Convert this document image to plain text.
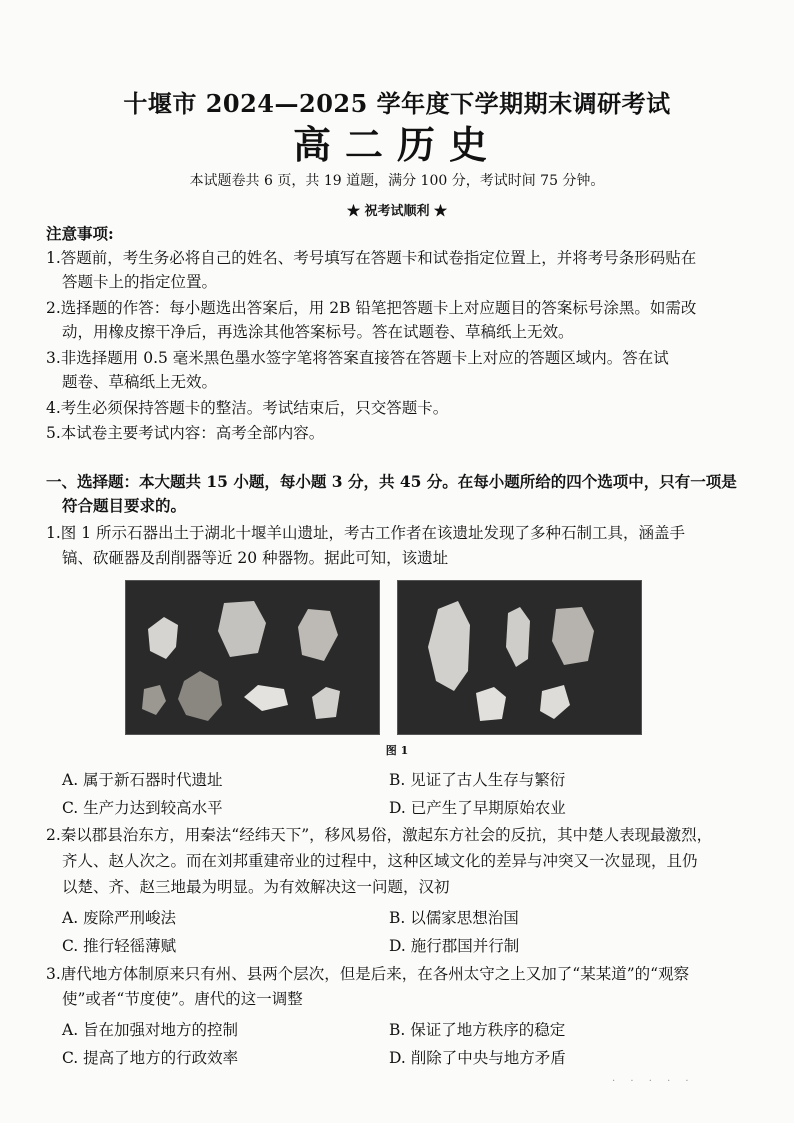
十堰市 2024—2025 学年度下学期期末调研考试
高二历史
本试题卷共 6 页，共 19 道题，满分 100 分，考试时间 75 分钟。
★ 祝考试顺利 ★
注意事项:
1.答题前，考生务必将自己的姓名、考号填写在答题卡和试卷指定位置上，并将考号条形码贴在
答题卡上的指定位置。
2.选择题的作答：每小题选出答案后，用 2B 铅笔把答题卡上对应题目的答案标号涂黑。如需改
动，用橡皮擦干净后，再选涂其他答案标号。答在试题卷、草稿纸上无效。
3.非选择题用 0.5 毫米黑色墨水签字笔将答案直接答在答题卡上对应的答题区域内。答在试
题卷、草稿纸上无效。
4.考生必须保持答题卡的整洁。考试结束后，只交答题卡。
5.本试卷主要考试内容：高考全部内容。
一、选择题：本大题共 15 小题，每小题 3 分，共 45 分。在每小题所给的四个选项中，只有一项是
符合题目要求的。
1.图 1 所示石器出土于湖北十堰羊山遗址，考古工作者在该遗址发现了多种石制工具，涵盖手
镐、砍砸器及刮削器等近 20 种器物。据此可知，该遗址
图 1
A. 属于新石器时代遗址	B. 见证了古人生存与繁衍
C. 生产力达到较高水平	D. 已产生了早期原始农业
2.秦以郡县治东方，用秦法“经纬天下”，移风易俗，激起东方社会的反抗，其中楚人表现最激烈，
齐人、赵人次之。而在刘邦重建帝业的过程中，这种区域文化的差异与冲突又一次显现，且仍
以楚、齐、赵三地最为明显。为有效解决这一问题，汉初
A. 废除严刑峻法	B. 以儒家思想治国
C. 推行轻徭薄赋	D. 施行郡国并行制
3.唐代地方体制原来只有州、县两个层次，但是后来，在各州太守之上又加了“某某道”的“观察
使”或者“节度使”。唐代的这一调整
A. 旨在加强对地方的控制	B. 保证了地方秩序的稳定
C. 提高了地方的行政效率	D. 削除了中央与地方矛盾
· · · · ·
